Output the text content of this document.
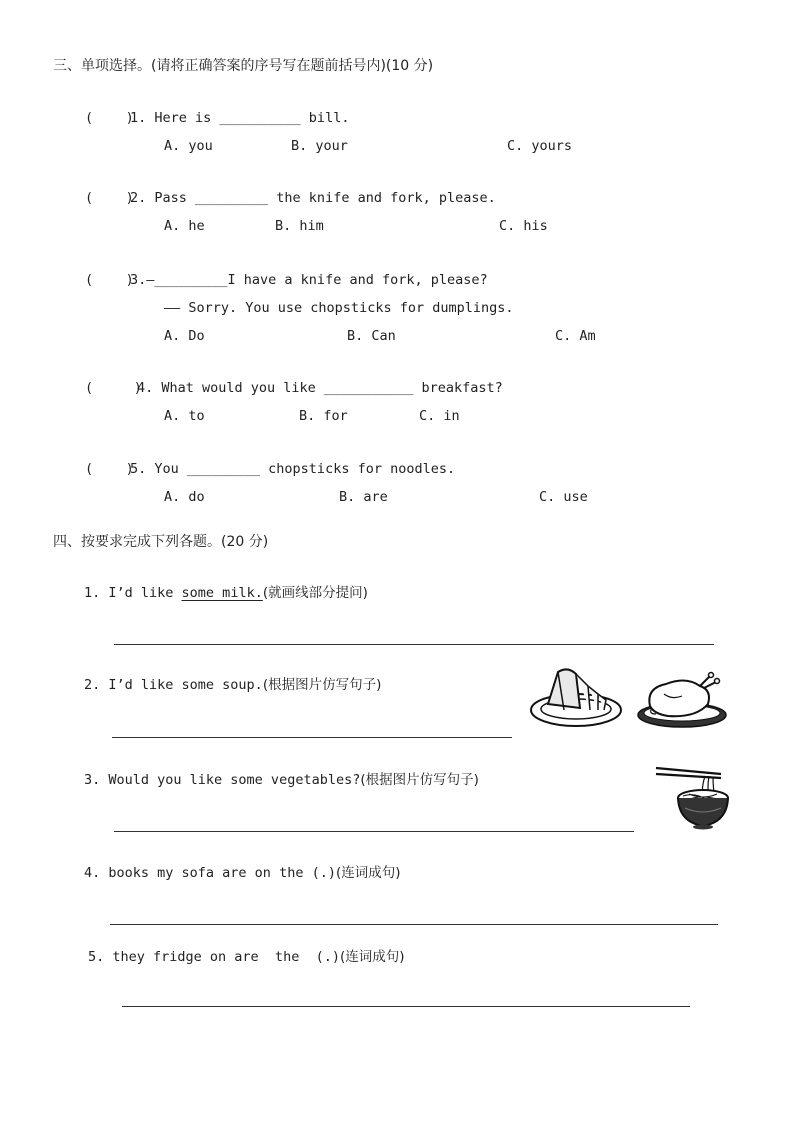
三、单项选择。(请将正确答案的序号写在题前括号内)(10 分)
(    )
1. Here is __________ bill.
A. you	B. your	C. yours
(    )
2. Pass _________ the knife and fork, please.
A. he	B. him	C. his
(    )
3.—_________I have a knife and fork, please?
—— Sorry. You use chopsticks for dumplings.
A. Do	B. Can	C. Am
(     )
4. What would you like ___________ breakfast?
A. to	B. for	C. in
(    )
5. You _________ chopsticks for noodles.
A. do	B. are	C. use
四、按要求完成下列各题。(20 分)
1. I’d like some milk.(就画线部分提问)
2. I’d like some soup.(根据图片仿写句子)
3. Would you like some vegetables?(根据图片仿写句子)
4. books my sofa are on the (.)(连词成句)
5. they fridge on are  the  (.)(连词成句)
